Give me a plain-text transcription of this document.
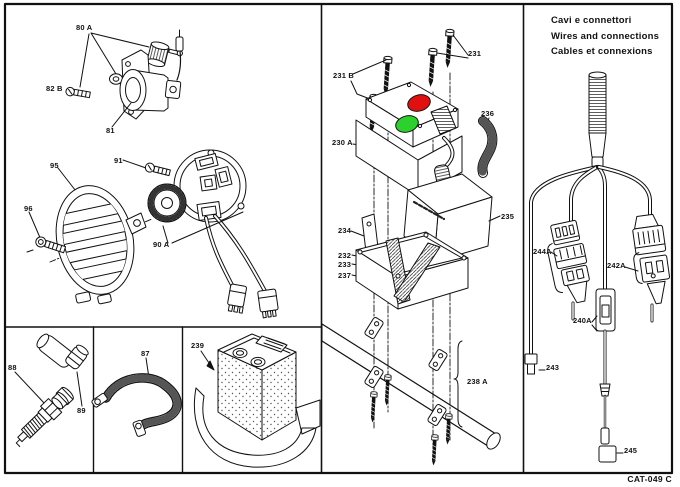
80 A
82 B
81
95
91
96
90 A
88
89
87
239
231 B
231
230 A
236
235
234
232
233
237
238 A
244A
242A
240A
243
245
Cavi e connettori
Wires and connections
Cables et connexions
CAT-049 C
